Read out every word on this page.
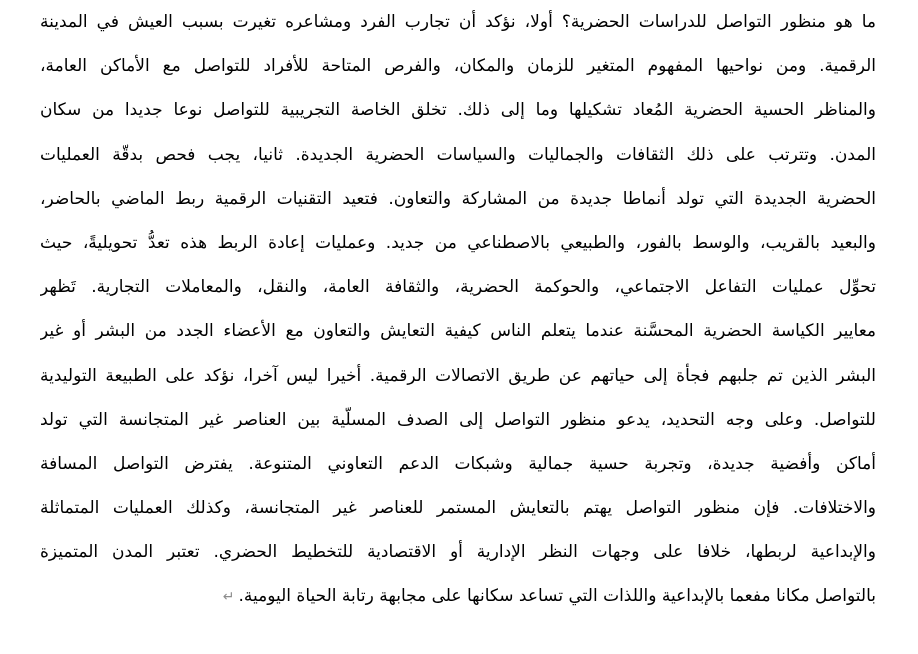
ما هو منظور التواصل للدراسات الحضرية؟ أولا، نؤكد أن تجارب الفرد ومشاعره تغيرت بسبب العيش في المدينة
الرقمية. ومن نواحيها المفهوم المتغير للزمان والمكان، والفرص المتاحة للأفراد للتواصل مع الأماكن العامة،
والمناظر الحسية الحضرية المُعاد تشكيلها وما إلى ذلك. تخلق الخاصة التجريبية للتواصل نوعا جديدا من سكان
المدن. وتترتب على ذلك الثقافات والجماليات والسياسات الحضرية الجديدة. ثانيا، يجب فحص بدقّة العمليات
الحضرية الجديدة التي تولد أنماطا جديدة من المشاركة والتعاون. فتعيد التقنيات الرقمية ربط الماضي بالحاضر،
والبعيد بالقريب، والوسط بالفور، والطبيعي بالاصطناعي من جديد. وعمليات إعادة الربط هذه تعدُّ تحويليةً، حيث
تحوِّل عمليات التفاعل الاجتماعي، والحوكمة الحضرية، والثقافة العامة، والنقل، والمعاملات التجارية. تَظهر
معايير الكياسة الحضرية المحسَّنة عندما يتعلم الناس كيفية التعايش والتعاون مع الأعضاء الجدد من البشر أو غير
البشر الذين تم جلبهم فجأة إلى حياتهم عن طريق الاتصالات الرقمية. أخيرا ليس آخرا، نؤكد على الطبيعة التوليدية
للتواصل. وعلى وجه التحديد، يدعو منظور التواصل إلى الصدف المسلّية بين العناصر غير المتجانسة التي تولد
أماكن وأفضية جديدة، وتجربة حسية جمالية وشبكات الدعم التعاوني المتنوعة. يفترض التواصل المسافة
والاختلافات. فإن منظور التواصل يهتم بالتعايش المستمر للعناصر غير المتجانسة، وكذلك العمليات المتماثلة
والإبداعية لربطها، خلافا على وجهات النظر الإدارية أو الاقتصادية للتخطيط الحضري. تعتبر المدن المتميزة
بالتواصل مكانا مفعما بالإبداعية واللذات التي تساعد سكانها على مجابهة رتابة الحياة اليومية.↵
